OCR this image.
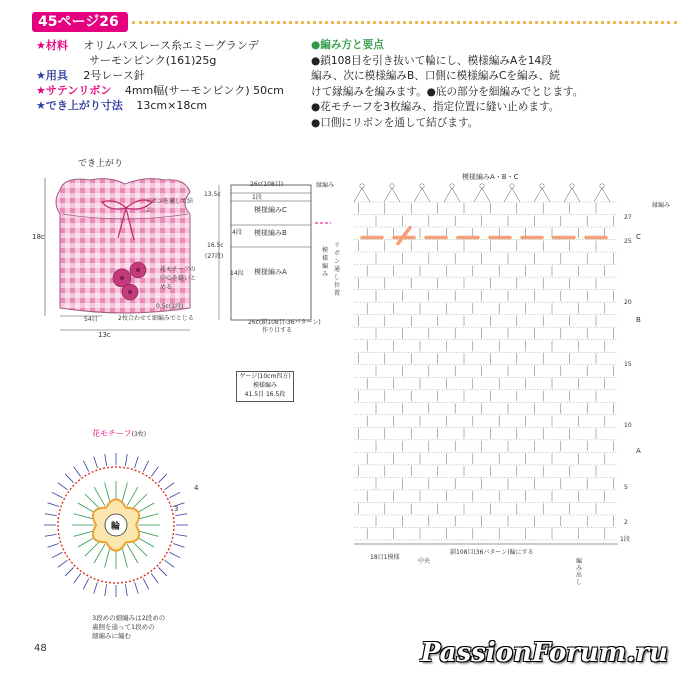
45ページ26
★材料 オリムパスレース糸エミーグランデ
サーモンピンク(161)25g
★用具 2号レース針
★サテンリボン 4mm幅(サーモンピンク) 50cm
★でき上がり寸法 13cm×18cm
●編み方と要点
●鎖108目を引き抜いて輪にし、模様編みAを14段
編み、次に模様編みB、口側に模様編みCを編み、続
けて縁編みを編みます。●底の部分を細編みでとじます。
●花モチーフを3枚編み、指定位置に縫い止めます。
●口側にリボンを通して結びます。
でき上がり
18c
13c
リボンを通して結ぶ
花モチーフの中心を縫いとめる
0.5c(1段)
2枚合わせて細編みでとじる
54目
26c(108目)	縁編み
1段
模様編みC
4段 模様編みB
14段 模様編みA
13.5c
16.5c
(27段)
リボン通し位置
模様編み
26c(鎖108目-36パターン)
作り目する
ゲージ(10cm四方)
模様編み
41.5目 16.5段
模様編みA・B・C
縁編み
C
B
A
27
25
20
15
10
5
2
1段
鎖108目(36パターン)輪にする
18目1模様
中央	編み出し
花モチーフ(3枚)
輪
3
4
3段めの細編みは2段めの
裏側を通って1段めの
細編みに編む
48	PassionForum.ru
